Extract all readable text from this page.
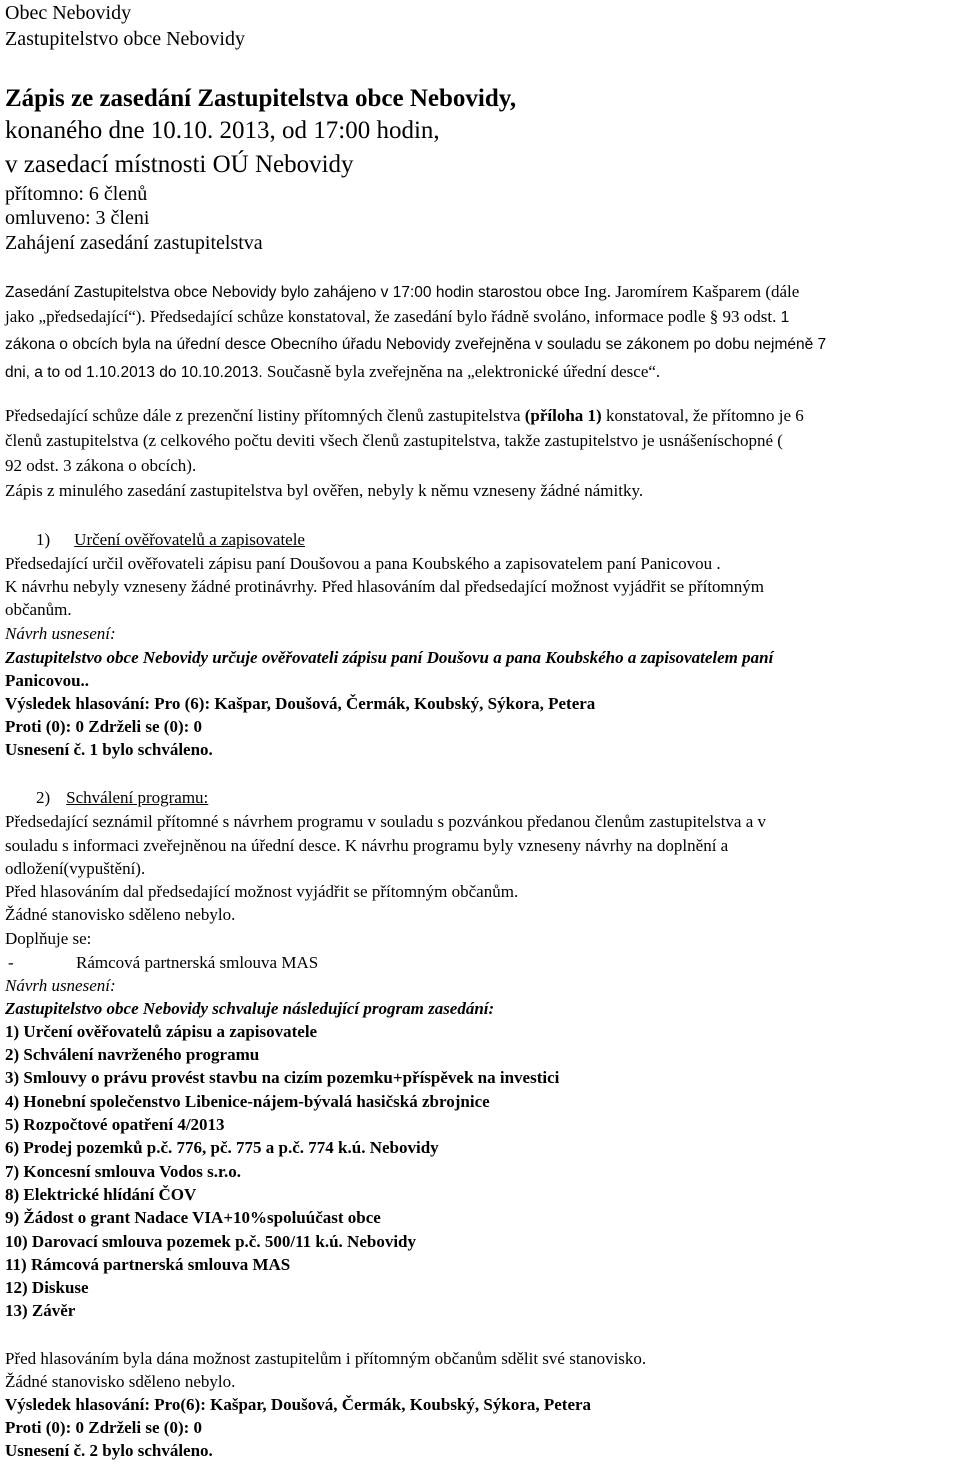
Obec Nebovidy
Zastupitelstvo obce Nebovidy
Zápis ze zasedání Zastupitelstva obce Nebovidy,
konaného dne 10.10. 2013, od 17:00 hodin,
v zasedací místnosti OÚ Nebovidy
přítomno: 6 členů
omluveno: 3 členi
Zahájení zasedání zastupitelstva
Zasedání Zastupitelstva obce Nebovidy bylo zahájeno v 17:00 hodin starostou obce Ing. Jaromírem Kašparem (dále
jako „předsedající“). Předsedající schůze konstatoval, že zasedání bylo řádně svoláno, informace podle § 93 odst. 1
zákona o obcích byla na úřední desce Obecního úřadu Nebovidy zveřejněna v souladu se zákonem po dobu nejméně 7
dni, a to od 1.10.2013 do 10.10.2013. Současně byla zveřejněna na „elektronické úřední desce“.
Předsedající schůze dále z prezenční listiny přítomných členů zastupitelstva (příloha 1) konstatoval, že přítomno je 6
členů zastupitelstva (z celkového počtu deviti všech členů zastupitelstva, takže zastupitelstvo je usnášeníschopné (
92 odst. 3 zákona o obcích).
Zápis z minulého zasedání zastupitelstva byl ověřen, nebyly k němu vzneseny žádné námitky.
1) Určení ověřovatelů a zapisovatele
Předsedající určil ověřovateli zápisu paní Doušovou a pana Koubského a zapisovatelem paní Panicovou .
K návrhu nebyly vzneseny žádné protinávrhy. Před hlasováním dal předsedající možnost vyjádřit se přítomným
občanům.
Návrh usnesení:
Zastupitelstvo obce Nebovidy určuje ověřovateli zápisu paní Doušovu a pana Koubského a zapisovatelem paní
Panicovou..
Výsledek hlasování: Pro (6): Kašpar, Doušová, Čermák, Koubský, Sýkora, Petera
Proti (0): 0 Zdrželi se (0): 0
Usnesení č. 1 bylo schváleno.
2) Schválení programu:
Předsedající seznámil přítomné s návrhem programu v souladu s pozvánkou předanou členům zastupitelstva a v
souladu s informaci zveřejněnou na úřední desce. K návrhu programu byly vzneseny návrhy na doplnění a
odložení(vypuštění).
Před hlasováním dal předsedající možnost vyjádřit se přítomným občanům.
Žádné stanovisko sděleno nebylo.
Doplňuje se:
-	Rámcová partnerská smlouva MAS
Návrh usnesení:
Zastupitelstvo obce Nebovidy schvaluje následující program zasedání:
1) Určení ověřovatelů zápisu a zapisovatele
2) Schválení navrženého programu
3) Smlouvy o právu provést stavbu na cizím pozemku+příspěvek na investici
4) Honební společenstvo Libenice-nájem-bývalá hasičská zbrojnice
5) Rozpočtové opatření 4/2013
6) Prodej pozemků p.č. 776, pč. 775 a p.č. 774 k.ú. Nebovidy
7) Koncesní smlouva Vodos s.r.o.
8) Elektrické hlídání ČOV
9) Žádost o grant Nadace VIA+10%spoluúčast obce
10) Darovací smlouva pozemek p.č. 500/11 k.ú. Nebovidy
11) Rámcová partnerská smlouva MAS
12) Diskuse
13) Závěr
Před hlasováním byla dána možnost zastupitelům i přítomným občanům sdělit své stanovisko.
Žádné stanovisko sděleno nebylo.
Výsledek hlasování: Pro(6): Kašpar, Doušová, Čermák, Koubský, Sýkora, Petera
Proti (0): 0 Zdrželi se (0): 0
Usnesení č. 2 bylo schváleno.
